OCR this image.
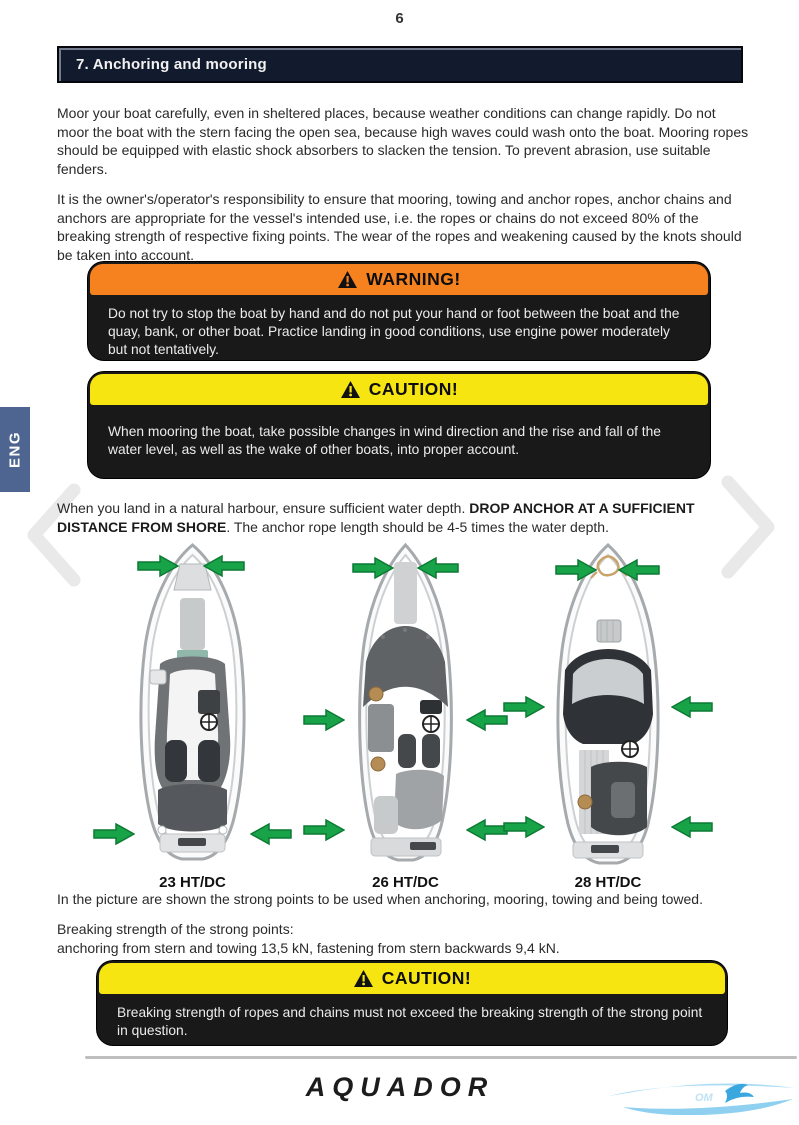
6
7. Anchoring and mooring

Moor your boat carefully, even in sheltered places, because weather conditions can change rapidly. Do not moor the boat with the stern facing the open sea, because high waves could wash onto the boat. Mooring ropes should be equipped with elastic shock absorbers to slacken the tension. To prevent abrasion, use suitable fenders.

It is the owner's/operator's responsibility to ensure that mooring, towing and anchor ropes, anchor chains and anchors are appropriate for the vessel's intended use, i.e. the ropes or chains do not exceed 80% of the breaking strength of respective fixing points. The wear of the ropes and weakening caused by the knots should be taken into account.

WARNING!
Do not try to stop the boat by hand and do not put your hand or foot between the boat and the quay, bank, or other boat. Practice landing in good conditions, use engine power moderately but not tentatively.
CAUTION!
When mooring the boat, take possible changes in wind direction and the rise and fall of the water level, as well as the wake of other boats, into proper account.
ENG

When you land in a natural harbour, ensure sufficient water depth. DROP ANCHOR AT A SUFFICIENT DISTANCE FROM SHORE. The anchor rope length should be 4-5 times the water depth.

23 HT/DC	26 HT/DC	28 HT/DC

In the picture are shown the strong points to be used when anchoring, mooring, towing and being towed.

Breaking strength of the strong points:
anchoring from stern and towing 13,5 kN, fastening from stern backwards 9,4 kN.
CAUTION!
Breaking strength of ropes and chains must not exceed the breaking strength of the strong point in question.
AQUADOR	OM
